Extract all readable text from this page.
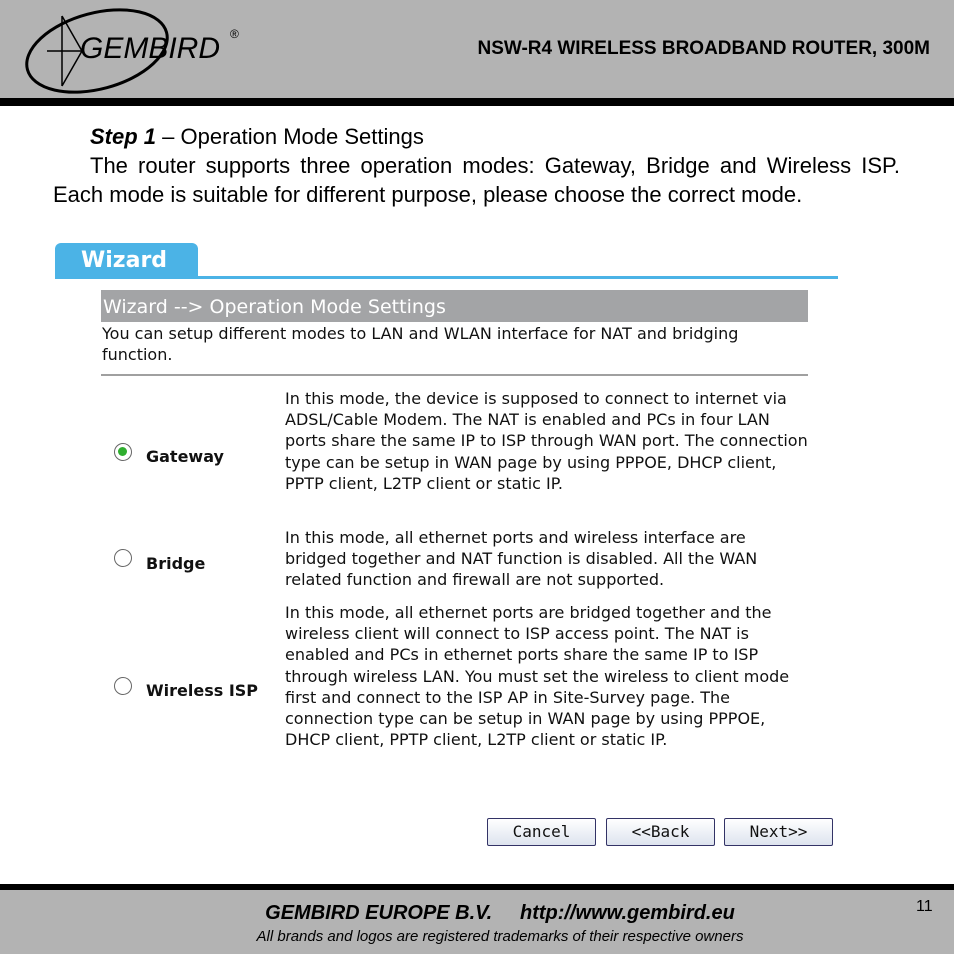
GEMBIRD ®
NSW-R4 WIRELESS BROADBAND ROUTER, 300M
Step 1 – Operation Mode Settings
The router supports three operation modes: Gateway, Bridge and Wireless ISP. Each mode is suitable for different purpose, please choose the correct mode.
Wizard
Wizard --> Operation Mode Settings
You can setup different modes to LAN and WLAN interface for NAT and bridging function.
Gateway
In this mode, the device is supposed to connect to internet via ADSL/Cable Modem. The NAT is enabled and PCs in four LAN ports share the same IP to ISP through WAN port. The connection type can be setup in WAN page by using PPPOE, DHCP client, PPTP client, L2TP client or static IP.
Bridge
In this mode, all ethernet ports and wireless interface are bridged together and NAT function is disabled. All the WAN related function and firewall are not supported.
Wireless ISP
In this mode, all ethernet ports are bridged together and the wireless client will connect to ISP access point. The NAT is enabled and PCs in ethernet ports share the same IP to ISP through wireless LAN. You must set the wireless to client mode first and connect to the ISP AP in Site-Survey page. The connection type can be setup in WAN page by using PPPOE, DHCP client, PPTP client, L2TP client or static IP.
Cancel	<<Back	Next>>
GEMBIRD EUROPE B.V.     http://www.gembird.eu
All brands and logos are registered trademarks of their respective owners
11
